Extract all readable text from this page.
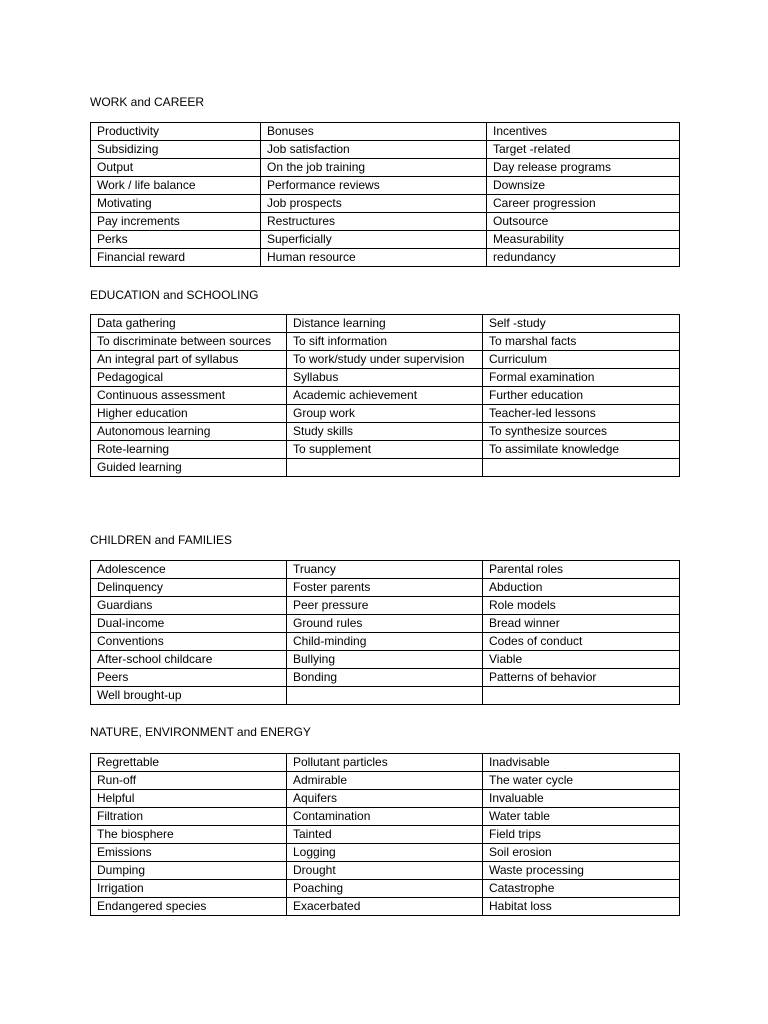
WORK and CAREER
Productivity	Bonuses	Incentives
Subsidizing	Job satisfaction	Target -related
Output	On the job training	Day release programs
Work / life balance	Performance reviews	Downsize
Motivating	Job prospects	Career progression
Pay increments	Restructures	Outsource
Perks	Superficially	Measurability
Financial reward	Human resource	redundancy
EDUCATION and SCHOOLING
Data gathering	Distance learning	Self -study
To discriminate between sources	To sift information	To marshal facts
An integral part of syllabus	To work/study under supervision	Curriculum
Pedagogical	Syllabus	Formal examination
Continuous assessment	Academic achievement	Further education
Higher education	Group work	Teacher-led lessons
Autonomous learning	Study skills	To synthesize sources
Rote-learning	To supplement	To assimilate knowledge
Guided learning		
CHILDREN and FAMILIES
Adolescence	Truancy	Parental roles
Delinquency	Foster parents	Abduction
Guardians	Peer pressure	Role models
Dual-income	Ground rules	Bread winner
Conventions	Child-minding	Codes of conduct
After-school childcare	Bullying	Viable
Peers	Bonding	Patterns of behavior
Well brought-up		
NATURE, ENVIRONMENT and ENERGY
Regrettable	Pollutant particles	Inadvisable
Run-off	Admirable	The water cycle
Helpful	Aquifers	Invaluable
Filtration	Contamination	Water table
The biosphere	Tainted	Field trips
Emissions	Logging	Soil erosion
Dumping	Drought	Waste processing
Irrigation	Poaching	Catastrophe
Endangered species	Exacerbated	Habitat loss
